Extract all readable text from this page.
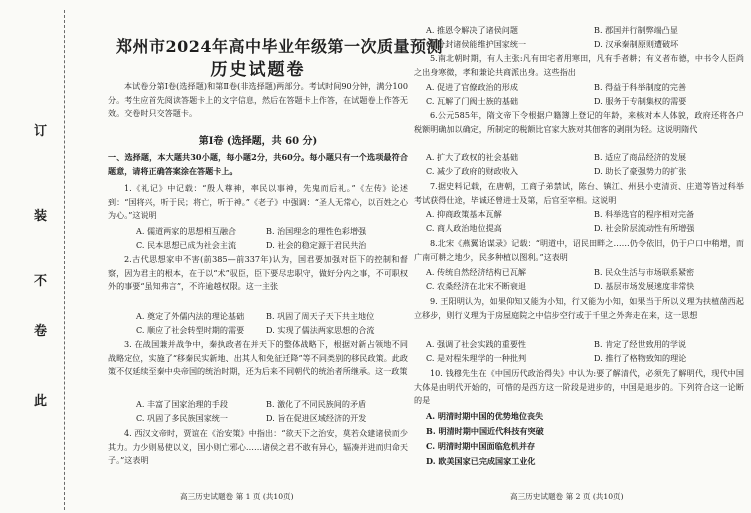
订
装
不
卷
此
郑州市2024年高中毕业年级第一次质量预测
历史试题卷
本试卷分第Ⅰ卷(选择题)和第Ⅱ卷(非选择题)两部分。考试时间90分钟，满分100分。考生应首先阅读答题卡上的文字信息，然后在答题卡上作答，在试题卷上作答无效。交卷时只交答题卡。
第Ⅰ卷 (选择题，共 60 分)
一、选择题，本大题共30小题，每小题2分，共60分。每小题只有一个选项最符合题意，请将正确答案涂在答题卡上。
1.《礼记》中记载：“殷人尊神，率民以事神，先鬼而后礼。”《左传》论述到：“国将兴，听于民；将亡，听于神。”《老子》中强调：“圣人无常心，以百姓之心为心。”这说明
A. 儒道两家的思想相互融合	B. 治国理念的理性色彩增强
C. 民本思想已成为社会主流	D. 社会的稳定源于君民共治
2.古代思想家申不害(前385—前337年)认为，国君要加强对臣下的控制和督察，因为君主的根本，在于以“术”驭臣，臣下要尽忠职守，做好分内之事，不可职权外的事要“虽知弗言”，不许逾越权限。这一主张
A. 奠定了外儒内法的理论基础	B. 巩固了周天子天下共主地位
C. 顺应了社会转型时期的需要	D. 实现了儒法两家思想的合流
3. 在战国兼并战争中，秦执政者在并天下的整体战略下，根据对新占领地不同战略定位，实施了“移秦民实新地、出其人和免征迁降”等不同类别的移民政策。此政策不仅延续至秦中央帝国的统治时期，还为后来不同朝代的统治者所继承。这一政策
A. 丰富了国家治理的手段	B. 激化了不同民族间的矛盾
C. 巩固了多民族国家统一	D. 旨在促进区域经济的开发
4. 西汉文帝时，贾谊在《治安策》中指出：“欲天下之治安，莫若众建诸侯而少其力。力少则易使以义，国小则亡邪心……诸侯之君不敢有异心，辐凑并进而归命天子。”这表明
高三历史试题卷 第 1 页 (共10页)
A. 推恩令解决了诸侯问题	B. 郡国并行制弊端凸显
C. 分封诸侯能维护国家统一	D. 汉承秦制原则遭破坏
5.南北朝时期，有人主张:凡有田宅者用寒田，凡有手者耕；有义者布德，中书令人臣尚之出身寒微，孝和兼论共商派出身。这些指出
A. 促进了官僚政治的形成	B. 得益于科举制度的完善
C. 瓦解了门阀士族的基础	D. 服务于专制集权的需要
6.公元585年，隋文帝下令根据户籍簿上登记的年龄，来核对本人体貌，政府还将各户税额明确加以确定，所制定的税额比官家大族对其佃客的剥削为轻。这说明隋代
A. 扩大了政权的社会基础	B. 适应了商品经济的发展
C. 减少了政府的财政收入	D. 助长了豪强势力的扩张
7.据史料记载，在唐朝，工商子弟禁试，陈台、镇江、州县小吏清贡、庄道等皆过科举考试获得仕途，毕诚还曾进士及第，后官至宰相。这说明
A. 抑商政策基本瓦解	B. 科举选官的程序相对完备
C. 商人政治地位提高	D. 社会阶层流动性有所增强
8.北宋《燕翼诒谋录》记载：“明道中，诏民田畔之……仍令依旧，仍于户口中稍增，而广南可耕之地少，民多种植以图利。”这表明
A. 传统自然经济结构已瓦解	B. 民众生活与市场联系紧密
C. 农桑经济在北宋不断衰退	D. 基层市场发展速度非常快
9. 王阳明认为，如果仰知又能为小知，行又能为小知，如果当于所以义理为扶植凿西起立移步，则行义理为于房屋庭院之中信步空行或于千里之外奔走在来，这一思想
A. 强调了社会实践的重要性	B. 肯定了经世致用的学说
C. 是对程朱理学的一种批判	D. 推行了格物致知的理论
10. 钱穆先生在《中国历代政治得失》中认为:要了解清代，必须先了解明代，现代中国大体是由明代开始的，可惜的是西方这一阶段是进步的，中国是退步的。下列符合这一论断的是
A. 明清时期中国的优势地位丧失
B. 明清时期中国近代科技有突破
C. 明清时期中国面临危机并存
D. 欧美国家已完成国家工业化
高三历史试题卷 第 2 页 (共10页)
